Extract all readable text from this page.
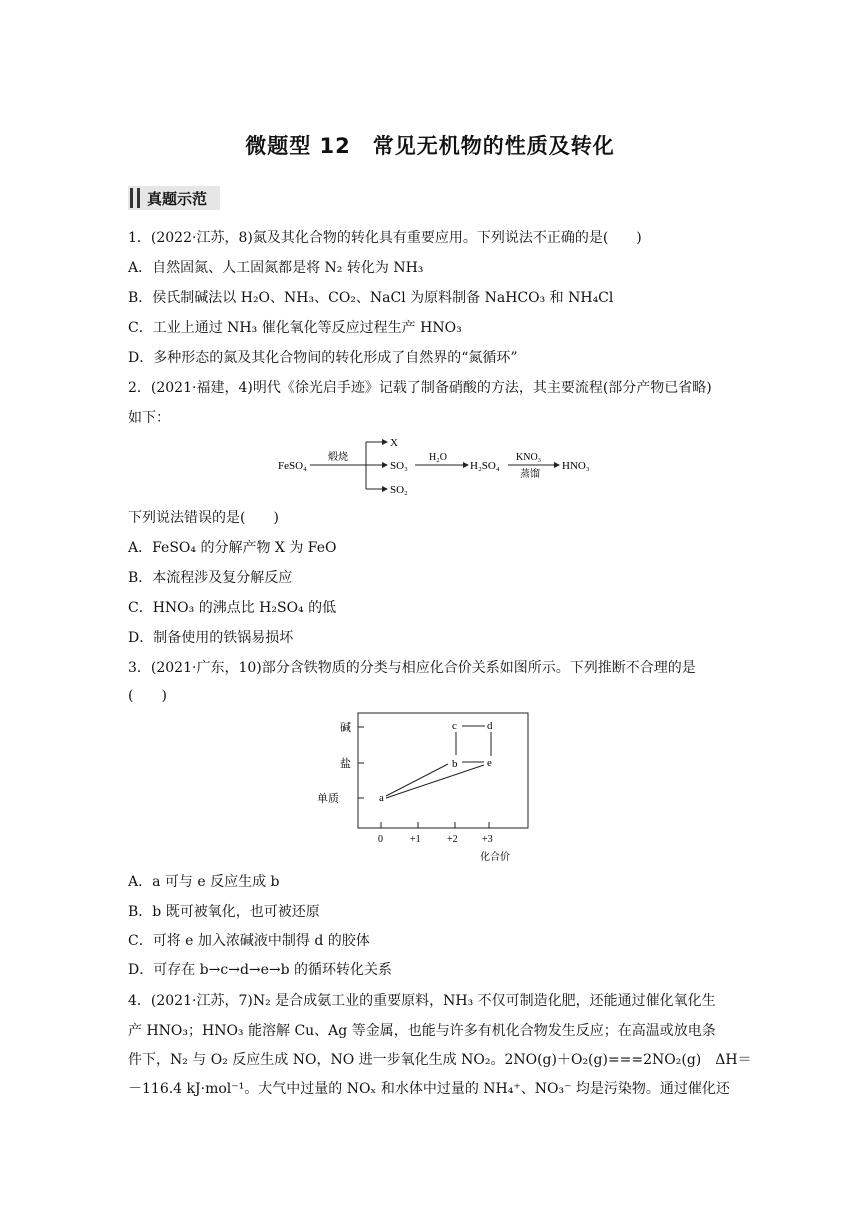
微题型 12　常见无机物的性质及转化
真题示范
1．(2022·江苏，8)氮及其化合物的转化具有重要应用。下列说法不正确的是(　　)
A．自然固氮、人工固氮都是将 N₂ 转化为 NH₃
B．侯氏制碱法以 H₂O、NH₃、CO₂、NaCl 为原料制备 NaHCO₃ 和 NH₄Cl
C．工业上通过 NH₃ 催化氧化等反应过程生产 HNO₃
D．多种形态的氮及其化合物间的转化形成了自然界的“氮循环”
2．(2021·福建，4)明代《徐光启手迹》记载了制备硝酸的方法，其主要流程(部分产物已省略)
如下：
FeSO₄
煅烧
X
SO₃
SO₂
H₂O
H₂SO₄
KNO₃
蒸馏
HNO₃
下列说法错误的是(　　)
A．FeSO₄ 的分解产物 X 为 FeO
B．本流程涉及复分解反应
C．HNO₃ 的沸点比 H₂SO₄ 的低
D．制备使用的铁锅易损坏
3．(2021·广东，10)部分含铁物质的分类与相应化合价关系如图所示。下列推断不合理的是
(　　)
碱
盐
单质
0	+1	+2 +3
化合价
a
b
c	d
e
A．a 可与 e 反应生成 b
B．b 既可被氧化，也可被还原
C．可将 e 加入浓碱液中制得 d 的胶体
D．可存在 b→c→d→e→b 的循环转化关系
4．(2021·江苏，7)N₂ 是合成氨工业的重要原料，NH₃ 不仅可制造化肥，还能通过催化氧化生
产 HNO₃；HNO₃ 能溶解 Cu、Ag 等金属，也能与许多有机化合物发生反应；在高温或放电条
件下，N₂ 与 O₂ 反应生成 NO，NO 进一步氧化生成 NO₂。2NO(g)＋O₂(g)===2NO₂(g)　ΔH＝
－116.4 kJ·mol⁻¹。大气中过量的 NOₓ 和水体中过量的 NH₄⁺、NO₃⁻ 均是污染物。通过催化还
